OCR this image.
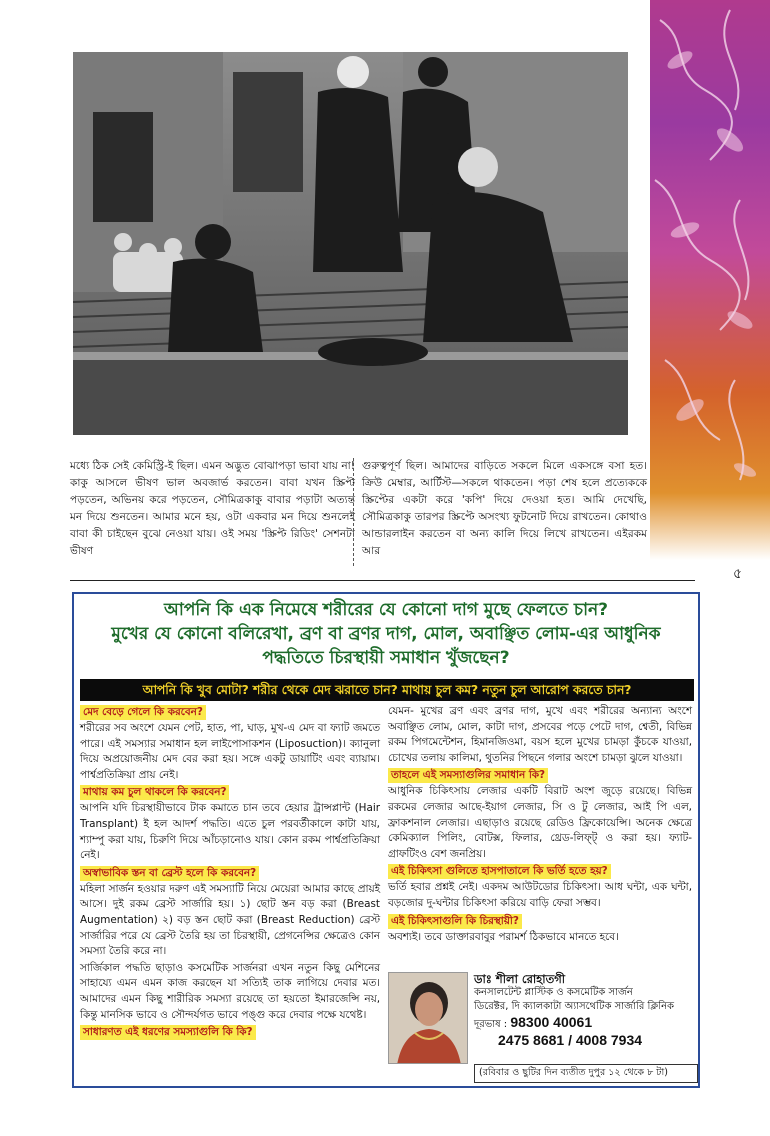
মধ্যে ঠিক সেই কেমিস্ট্রি-ই ছিল। এমন অদ্ভুত বোঝাপড়া ভাবা যায় না! কাকু আসলে ভীষণ ভাল অবজার্ভ করতেন। বাবা যখন স্ক্রিপ্ট পড়তেন, অভিনয় করে পড়তেন, সৌমিত্রকাকু বাবার পড়াটা অত্যন্ত মন দিয়ে শুনতেন। আমার মনে হয়, ওটা একবার মন দিয়ে শুনলেই বাবা কী চাইছেন বুঝে নেওয়া যায়। ওই সময় 'স্ক্রিপ্ট রিডিং' সেশনটা ভীষণ
গুরুত্বপূর্ণ ছিল। আমাদের বাড়িতে সকলে মিলে একসঙ্গে বসা হত। ক্রিউ মেম্বার, আর্টিস্ট—সকলে থাকতেন। পড়া শেষ হলে প্রত্যেককে স্ক্রিপ্টের একটা করে 'কপি' দিয়ে দেওয়া হত। আমি দেখেছি, সৌমিত্রকাকু তারপর স্ক্রিপ্টে অসংখ্য ফুটনোট দিয়ে রাখতেন। কোথাও আন্ডারলাইন করতেন বা অন্য কালি দিয়ে লিখে রাখতেন। এইরকম আর
৫
আপনি কি এক নিমেষে শরীরের যে কোনো দাগ মুছে ফেলতে চান?
মুখের যে কোনো বলিরেখা, ব্রণ বা ব্রণর দাগ, মোল, অবাঞ্ছিত লোম-এর আধুনিক
পদ্ধতিতে চিরস্থায়ী সমাধান খুঁজছেন?
আপনি কি খুব মোটা? শরীর থেকে মেদ ঝরাতে চান? মাথায় চুল কম? নতুন চুল আরোপ করতে চান?
মেদ বেড়ে গেলে কি করবেন?

শরীরের সব অংশে যেমন পেট, হাত, পা, ঘাড়, মুখ-এ মেদ বা ফ্যাট জমতে পারে। এই সমস্যার সমাধান হল লাইপোসাকশন (Liposuction)। ক্যানুলা দিয়ে অপ্রয়োজনীয় মেদ বের করা হয়। সঙ্গে একটু ডায়াটিং এবং ব্যায়াম। পার্শ্বপ্রতিক্রিয়া প্রায় নেই।

মাথায় কম চুল থাকলে কি করবেন?

আপনি যদি চিরস্থায়ীভাবে টাক কমাতে চান তবে হেয়ার ট্রান্সপ্লান্ট (Hair Transplant) ই হল আদর্শ পদ্ধতি। এতে চুল পরবর্তীকালে কাটা যায়, শ্যাম্পু করা যায়, চিরুণি দিয়ে আঁচড়ানোও যায়। কোন রকম পার্শ্বপ্রতিক্রিয়া নেই।

অস্বাভাবিক স্তন বা ব্রেস্ট হলে কি করবেন?

মহিলা সার্জন হওয়ার দরুণ এই সমস্যাটি নিয়ে মেয়েরা আমার কাছে প্রায়ই আসে। দুই রকম ব্রেস্ট সার্জারি হয়। ১) ছোট স্তন বড় করা (Breast Augmentation) ২) বড় স্তন ছোট করা (Breast Reduction) ব্রেস্ট সার্জারির পরে যে ব্রেস্ট তৈরি হয় তা চিরস্থায়ী, প্রেগনেন্সির ক্ষেত্রেও কোন সমস্যা তৈরি করে না।

সার্জিকাল পদ্ধতি ছাড়াও কসমেটিক সার্জনরা এখন নতুন কিছু মেশিনের সাহায্যে এমন এমন কাজ করছেন যা সত্যিই তাক লাগিয়ে দেবার মত। আমাদের এমন কিছু শারীরিক সমস্যা রয়েছে তা হয়তো ইমারজেন্সি নয়, কিন্তু মানসিক ভাবে ও সৌন্দর্যগত ভাবে পঙ্গু করে দেবার পক্ষে যথেষ্ট।

সাধারণত এই ধরণের সমস্যাগুলি কি কি?

যেমন- মুখের ব্রণ এবং ব্রণর দাগ, মুখে এবং শরীরের অন্যান্য অংশে অবাঞ্ছিত লোম, মোল, কাটা দাগ, প্রসবের পড়ে পেটে দাগ, শ্বেতী, বিভিন্ন রকম পিগমেন্টেশন, হিমানজিওমা, বয়স হলে মুখের চামড়া কুঁচকে যাওয়া, চোখের তলায় কালিমা, থুতনির পিছনে গলার অংশে চামড়া ঝুলে যাওয়া।

তাহলে এই সমস্যাগুলির সমাধান কি?

আধুনিক চিকিৎসায় লেজার একটি বিরাট অংশ জুড়ে রয়েছে। বিভিন্ন রকমের লেজার আছে-ইয়াগ লেজার, সি ও টু লেজার, আই পি এল, ফ্রাকশনাল লেজার। এছাড়াও রয়েছে রেডিও ফ্রিকোয়েন্সি। অনেক ক্ষেত্রে কেমিক্যাল পিলিং, বোটক্স, ফিলার, থ্রেড-লিফ্ট্ ও করা হয়। ফ্যাট-গ্রাফটিংও বেশ জনপ্রিয়।

এই চিকিৎসা গুলিতে হাসপাতালে কি ভর্তি হতে হয়?

ভর্তি হবার প্রশ্নই নেই। একদম আউটডোর চিকিৎসা। আধ ঘন্টা, এক ঘন্টা, বড়জোর দু-ঘন্টার চিকিৎসা করিয়ে বাড়ি ফেরা সম্ভব।

এই চিকিৎসাগুলি কি চিরস্থায়ী?

অবশ্যই। তবে ডাক্তারবাবুর পরামর্শ ঠিকভাবে মানতে হবে।

ডাঃ শীলা রোহাতগী
কনসালটেন্ট প্লাস্টিক ও কসমেটিক সার্জন
ডিরেক্টর, দি ক্যালকাটা অ্যাসথেটিক সার্জারি ক্লিনিক
দূরভাষ : 98300 40061
2475 8681 / 4008 7934
(রবিবার ও ছুটির দিন ব্যতীত দুপুর ১২ থেকে ৮ টা)
